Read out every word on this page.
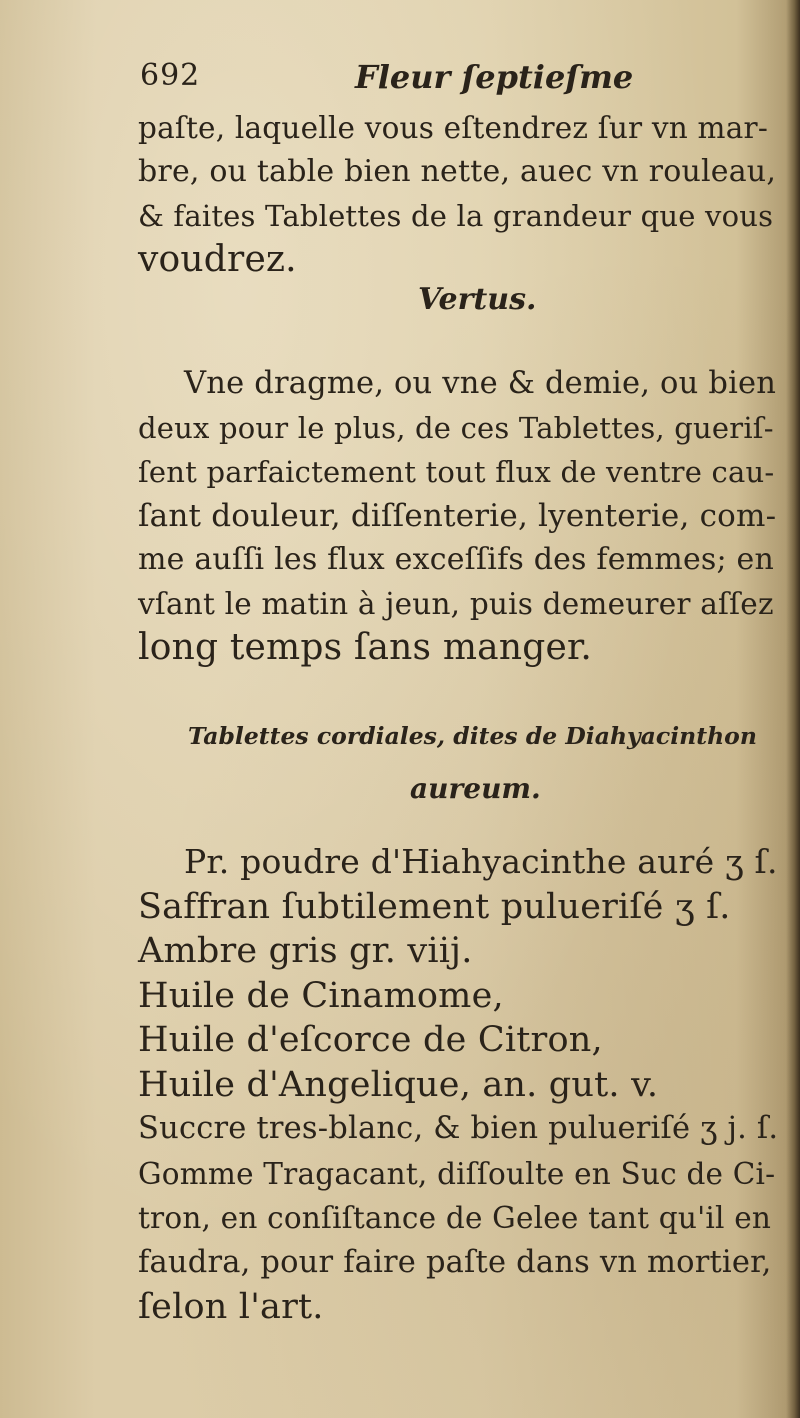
692	Fleur ſeptieſme
paſte, laquelle vous eſtendrez ſur vn mar-
bre, ou table bien nette, auec vn rouleau,
& faites Tablettes de la grandeur que vous
voudrez.
Vertus.
Vne dragme, ou vne & demie, ou bien
deux pour le plus, de ces Tablettes, gueriſ-
ſent parfaictement tout flux de ventre cau-
ſant douleur, diſſenterie, lyenterie, com-
me auſſi les flux exceſſifs des femmes; en
vſant le matin à jeun, puis demeurer aſſez
long temps ſans manger.
Tablettes cordiales, dites de Diahyacinthon
aureum.
Pr. poudre d'Hiahyacinthe auré ʒ ſ.
Saffran ſubtilement pulueriſé ʒ ſ.
Ambre gris gr. viij.
Huile de Cinamome,
Huile d'eſcorce de Citron,
Huile d'Angelique, an. gut. v.
Succre tres-blanc, & bien pulueriſé ʒ j. ſ.
Gomme Tragacant, diſſoulte en Suc de Ci-
tron, en conſiſtance de Gelee tant qu'il en
faudra, pour faire paſte dans vn mortier,
ſelon l'art.
